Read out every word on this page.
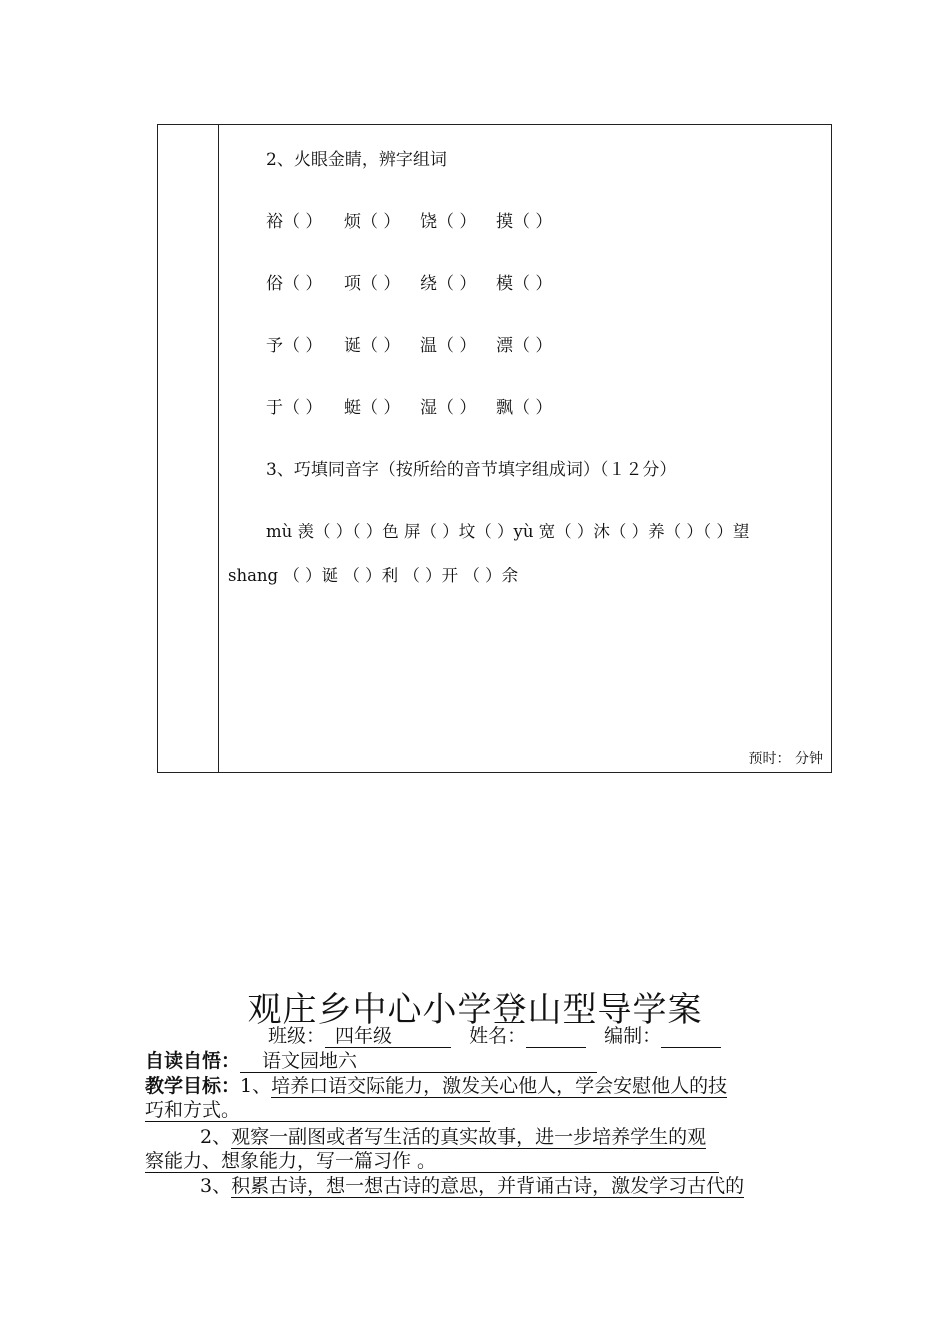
2、火眼金睛，辨字组词
裕（ ） 烦（ ） 饶（ ） 摸（ ）
俗（ ） 项（ ） 绕（ ） 模（ ）
予（ ） 诞（ ） 温（ ） 漂（ ）
于（ ） 蜓（ ） 湿（ ） 飘（ ）
3、巧填同音字（按所给的音节填字组成词）（１２分）
mù 羡（ ）（ ）色 屏（ ）坟（ ）yù 宽（ ）沐（ ）养（ ）（ ）望
shang （ ）诞 （ ）利 （ ）开 （ ）余
预时： 分钟
观庄乡中心小学登山型导学案
班级： 四年级	姓名：	编制：
自读自悟： 语文园地六
教学目标：1、培养口语交际能力，激发关心他人，学会安慰他人的技
巧和方式。
2、观察一副图或者写生活的真实故事，进一步培养学生的观
察能力、想象能力，写一篇习作 。
3、积累古诗，想一想古诗的意思，并背诵古诗，激发学习古代的
